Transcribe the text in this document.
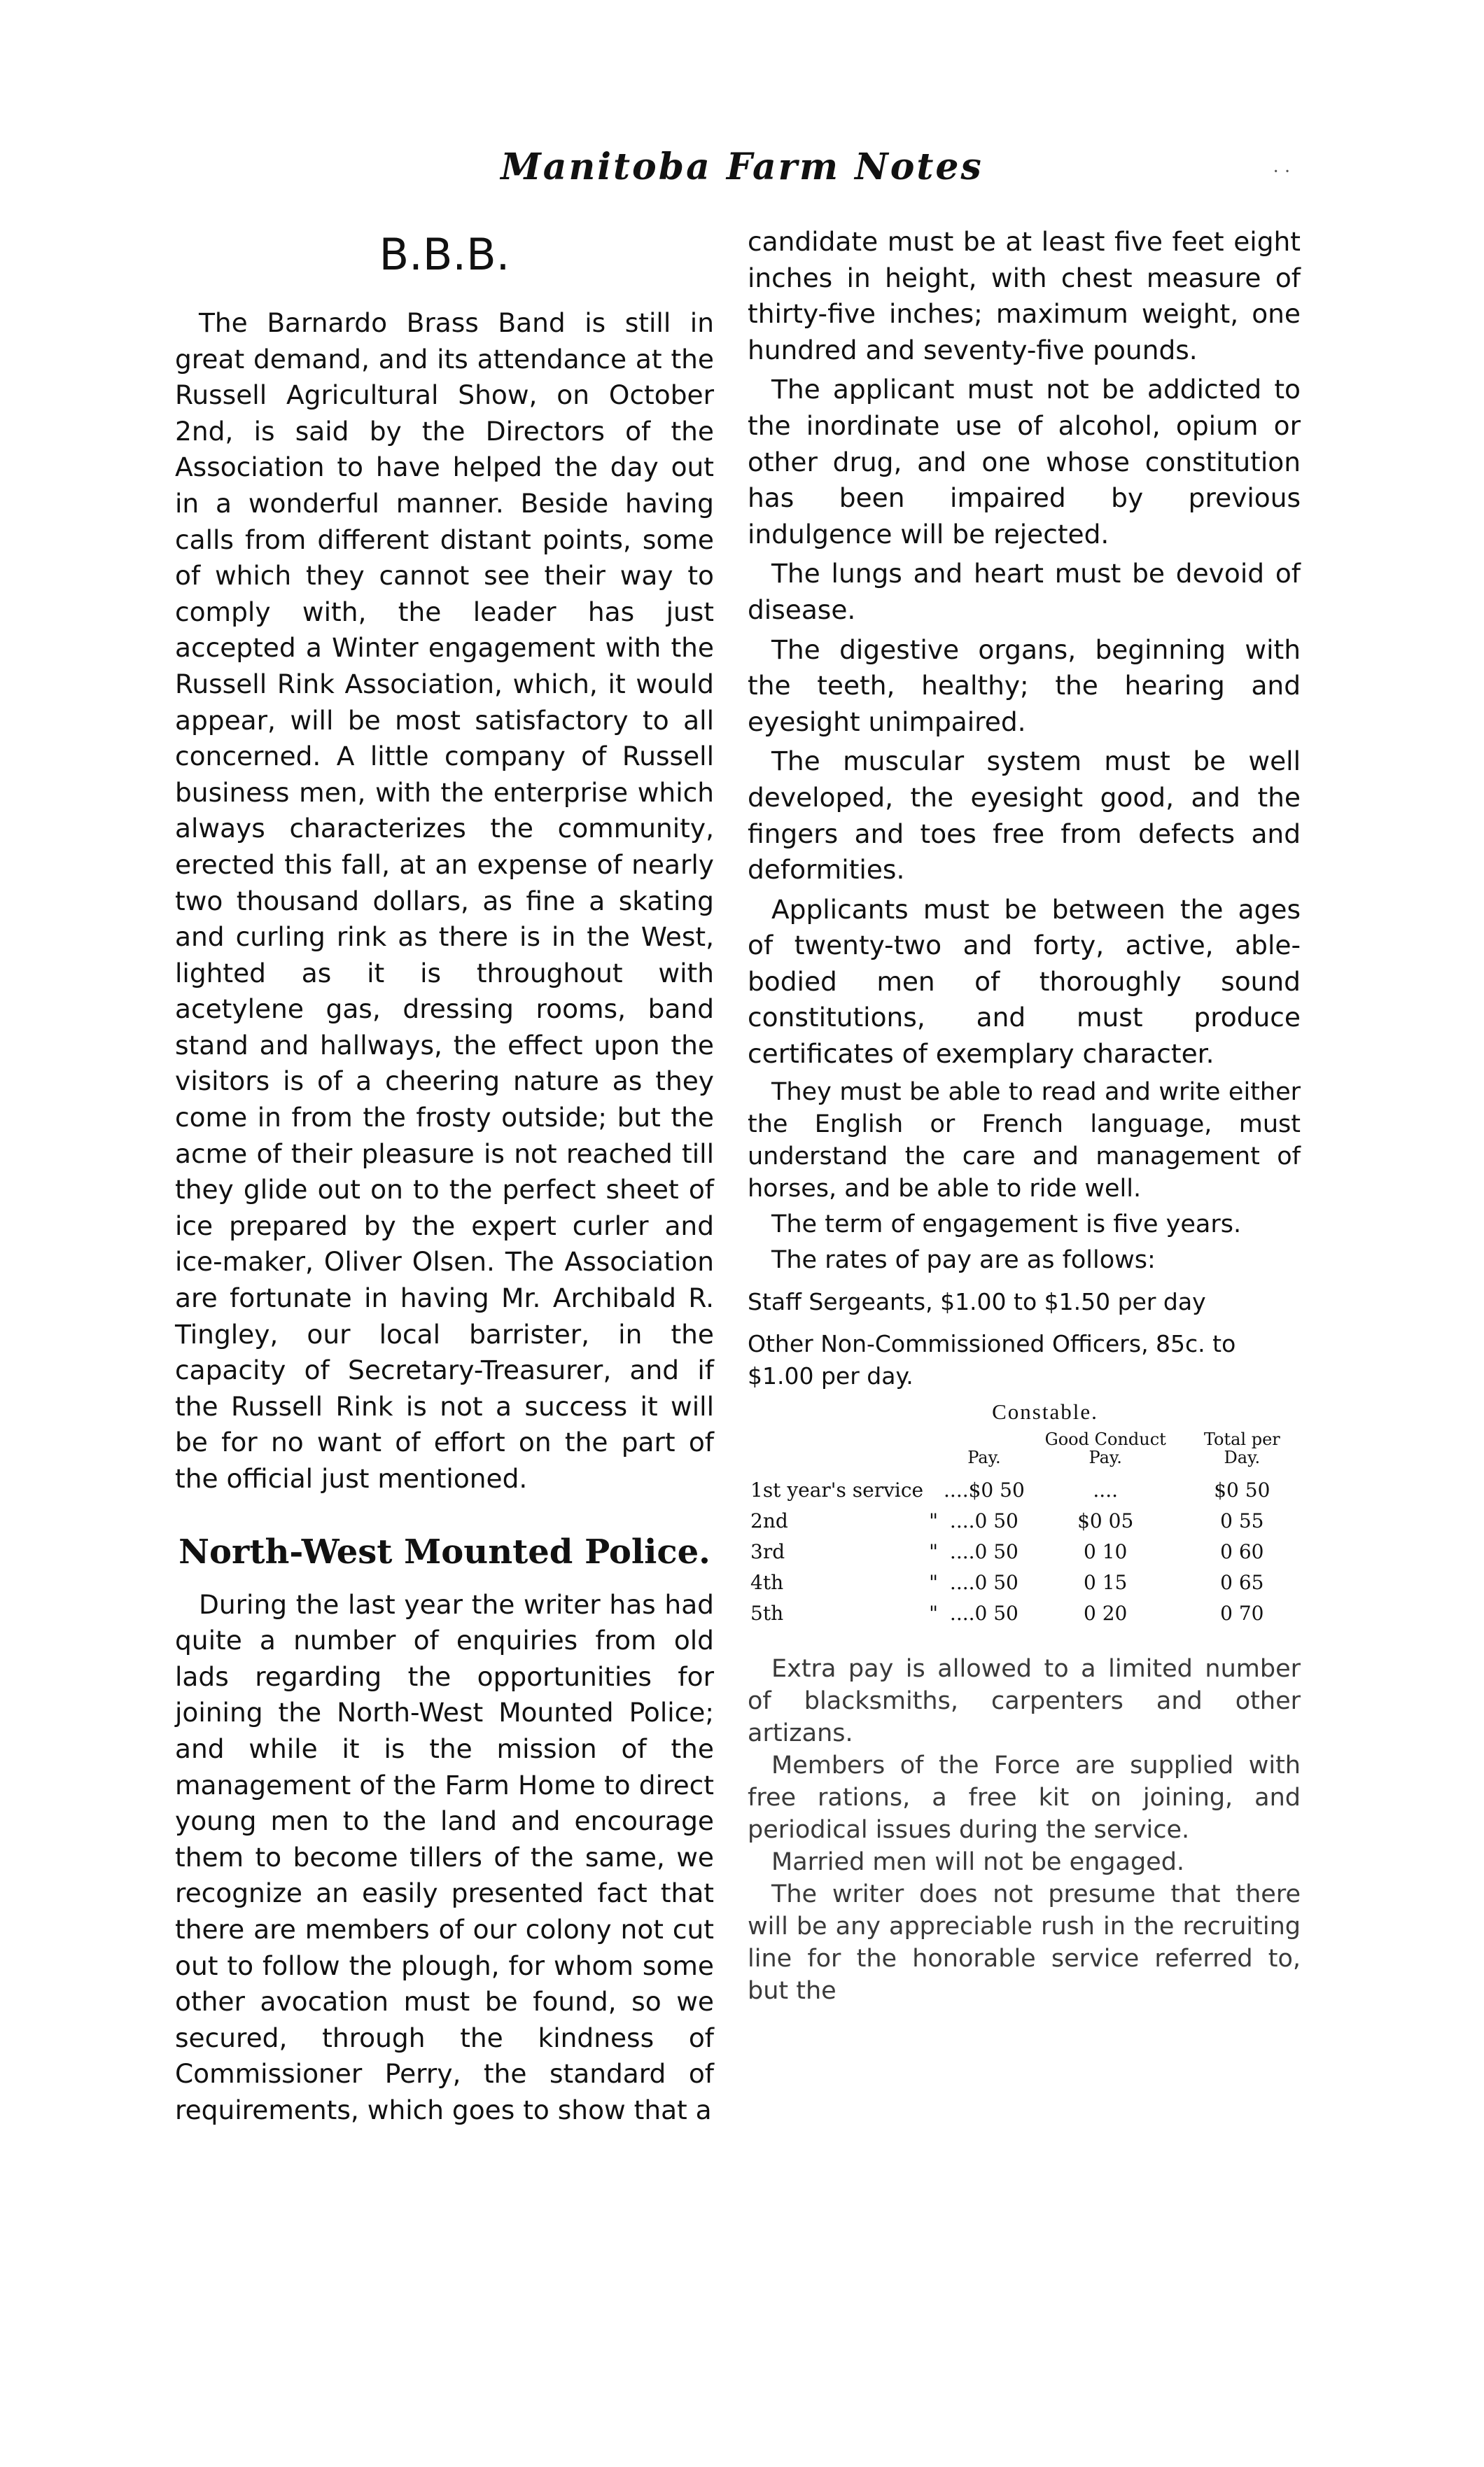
Manitoba Farm Notes	· ·
B.B.B.

The Barnardo Brass Band is still in great demand, and its attendance at the Russell Agricultural Show, on October 2nd, is said by the Directors of the Association to have helped the day out in a wonderful manner. Beside having calls from different distant points, some of which they cannot see their way to comply with, the leader has just accepted a Winter engagement with the Russell Rink Association, which, it would appear, will be most satisfactory to all concerned. A little company of Russell business men, with the enterprise which always characterizes the community, erected this fall, at an expense of nearly two thousand dollars, as fine a skating and curling rink as there is in the West, lighted as it is throughout with acetylene gas, dressing rooms, band stand and hallways, the effect upon the visitors is of a cheering nature as they come in from the frosty outside; but the acme of their pleasure is not reached till they glide out on to the perfect sheet of ice prepared by the expert curler and ice-maker, Oliver Olsen. The Association are fortunate in having Mr. Archibald R. Tingley, our local barrister, in the capacity of Secretary-Treasurer, and if the Russell Rink is not a success it will be for no want of effort on the part of the official just mentioned.

North-West Mounted Police.

During the last year the writer has had quite a number of enquiries from old lads regarding the opportunities for joining the North-West Mounted Police; and while it is the mission of the management of the Farm Home to direct young men to the land and encourage them to become tillers of the same, we recognize an easily presented fact that there are members of our colony not cut out to follow the plough, for whom some other avocation must be found, so we secured, through the kindness of Commissioner Perry, the standard of requirements, which goes to show that a

candidate must be at least five feet eight inches in height, with chest measure of thirty-five inches; maximum weight, one hundred and seventy-five pounds.

The applicant must not be addicted to the inordinate use of alcohol, opium or other drug, and one whose constitution has been impaired by previous indulgence will be rejected.

The lungs and heart must be devoid of disease.

The digestive organs, beginning with the teeth, healthy; the hearing and eyesight unimpaired.

The muscular system must be well developed, the eyesight good, and the fingers and toes free from defects and deformities.

Applicants must be between the ages of twenty-two and forty, active, able-bodied men of thoroughly sound constitutions, and must produce certificates of exemplary character.

They must be able to read and write either the English or French language, must understand the care and management of horses, and be able to ride well.

The term of engagement is five years.

The rates of pay are as follows:

Staff Sergeants, $1.00 to $1.50 per day

Other Non-Commissioned Officers, 85c. to $1.00 per day.

Constable.
		Pay.	Good Conduct Pay.	Total per Day.
1st year's service		....$0 50	....	$0 50
2nd	"	....0 50	$0 05	0 55
3rd	"	....0 50	0 10	0 60
4th	"	....0 50	0 15	0 65
5th	"	....0 50	0 20	0 70

Extra pay is allowed to a limited number of blacksmiths, carpenters and other artizans.

Members of the Force are supplied with free rations, a free kit on joining, and periodical issues during the service.

Married men will not be engaged.

The writer does not presume that there will be any appreciable rush in the recruiting line for the honorable service referred to, but the
